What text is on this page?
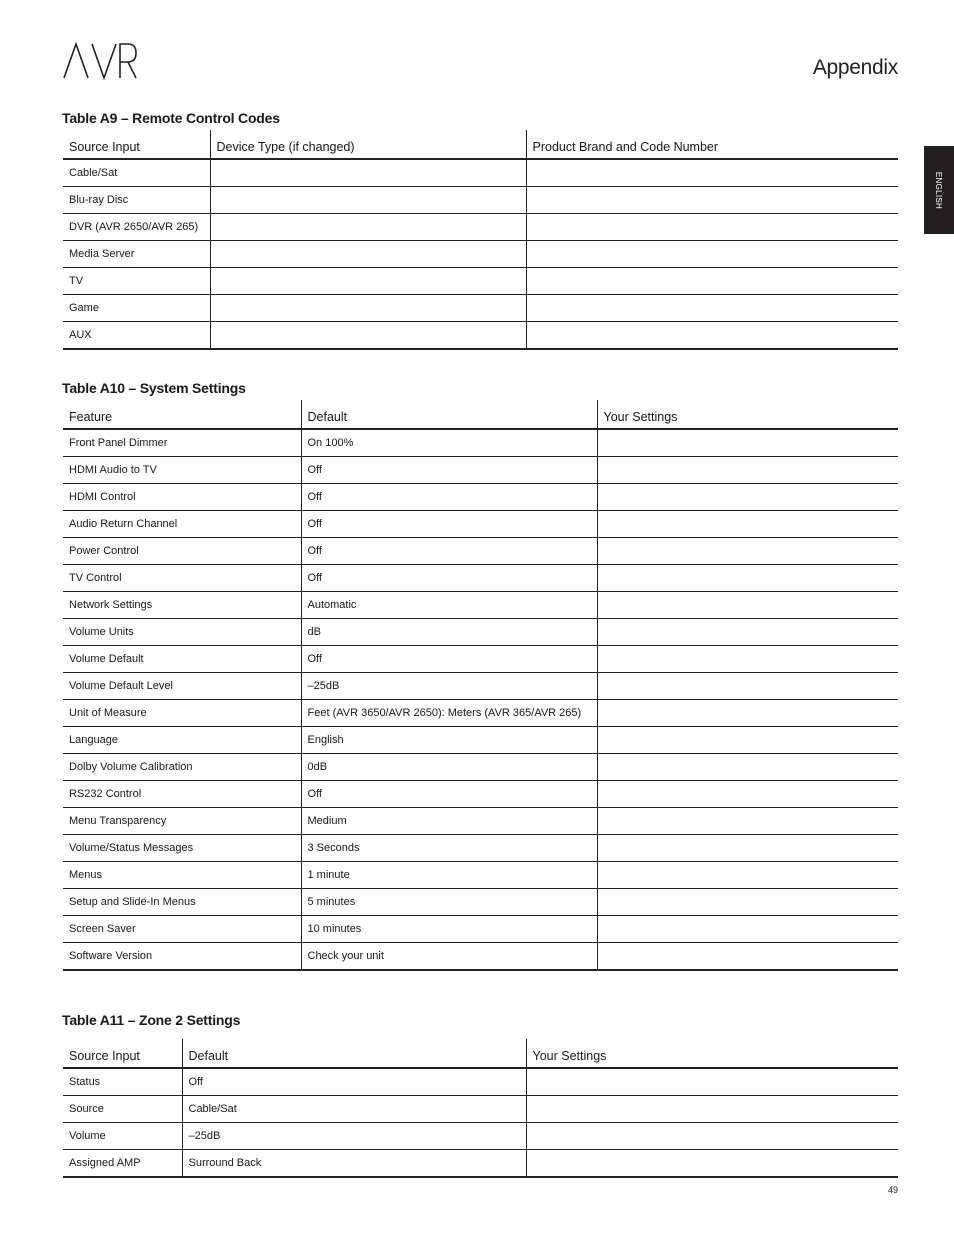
Appendix
ENGLISH
Table A9 – Remote Control Codes
Source Input	Device Type (if changed)	Product Brand and Code Number
Cable/Sat		
Blu-ray Disc		
DVR (AVR 2650/AVR 265)		
Media Server		
TV		
Game		
AUX		
Table A10 – System Settings
Feature	Default	Your Settings
Front Panel Dimmer	On 100%	
HDMI Audio to TV	Off	
HDMI Control	Off	
Audio Return Channel	Off	
Power Control	Off	
TV Control	Off	
Network Settings	Automatic	
Volume Units	dB	
Volume Default	Off	
Volume Default Level	–25dB	
Unit of Measure	Feet (AVR 3650/AVR 2650): Meters (AVR 365/AVR 265)	
Language	English	
Dolby Volume Calibration	0dB	
RS232 Control	Off	
Menu Transparency	Medium	
Volume/Status Messages	3 Seconds	
Menus	1 minute	
Setup and Slide-In Menus	5 minutes	
Screen Saver	10 minutes	
Software Version	Check your unit	
Table A11 – Zone 2 Settings
Source Input	Default	Your Settings
Status	Off	
Source	Cable/Sat	
Volume	–25dB	
Assigned AMP	Surround Back	
49
